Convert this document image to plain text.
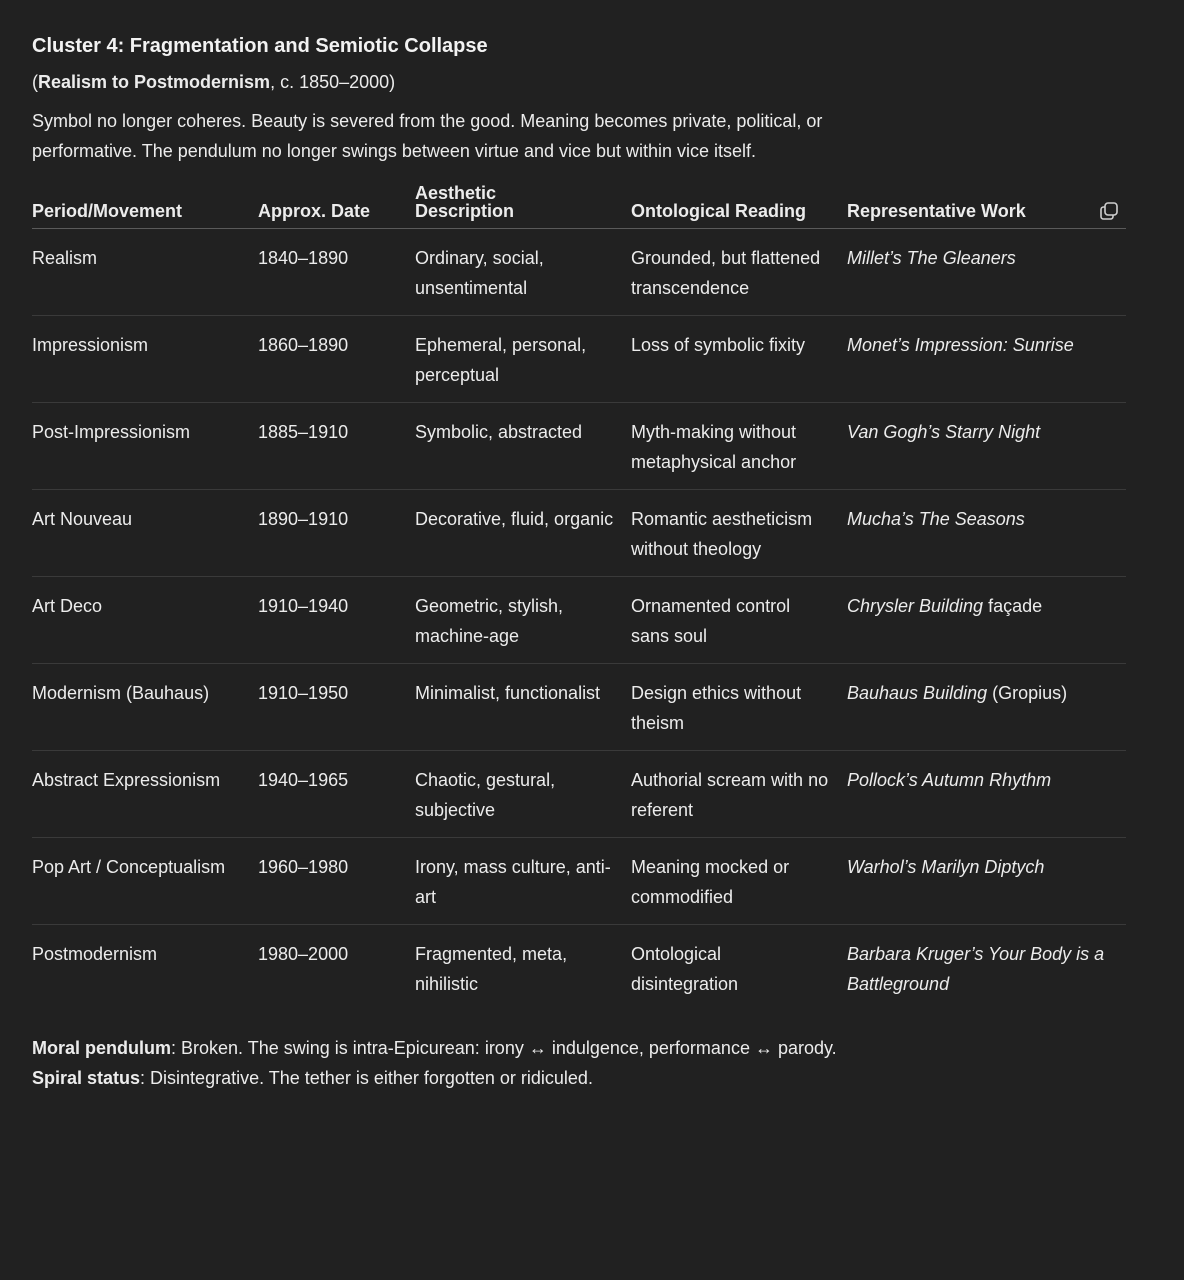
Cluster 4: Fragmentation and Semiotic Collapse
(Realism to Postmodernism, c. 1850–2000)
Symbol no longer coheres. Beauty is severed from the good. Meaning becomes private, political, or performative. The pendulum no longer swings between virtue and vice but within vice itself.
Period/Movement	Approx. Date	Aesthetic Description	Ontological Reading	Representative Work

Realism	1840–1890	Ordinary, social, unsentimental	Grounded, but flattened transcendence	Millet’s The Gleaners
Impressionism	1860–1890	Ephemeral, personal, perceptual	Loss of symbolic fixity	Monet’s Impression: Sunrise
Post-Impressionism	1885–1910	Symbolic, abstracted	Myth-making without metaphysical anchor	Van Gogh’s Starry Night
Art Nouveau	1890–1910	Decorative, fluid, organic	Romantic aestheticism without theology	Mucha’s The Seasons
Art Deco	1910–1940	Geometric, stylish, machine-age	Ornamented control sans soul	Chrysler Building façade
Modernism (Bauhaus)	1910–1950	Minimalist, functionalist	Design ethics without theism	Bauhaus Building (Gropius)
Abstract Expressionism	1940–1965	Chaotic, gestural, subjective	Authorial scream with no referent	Pollock’s Autumn Rhythm
Pop Art / Conceptualism	1960–1980	Irony, mass culture, anti-art	Meaning mocked or commodified	Warhol’s Marilyn Diptych
Postmodernism	1980–2000	Fragmented, meta, nihilistic	Ontological disintegration	Barbara Kruger’s Your Body is a Battleground
Moral pendulum: Broken. The swing is intra-Epicurean: irony ↔ indulgence, performance ↔ parody.
Spiral status: Disintegrative. The tether is either forgotten or ridiculed.
